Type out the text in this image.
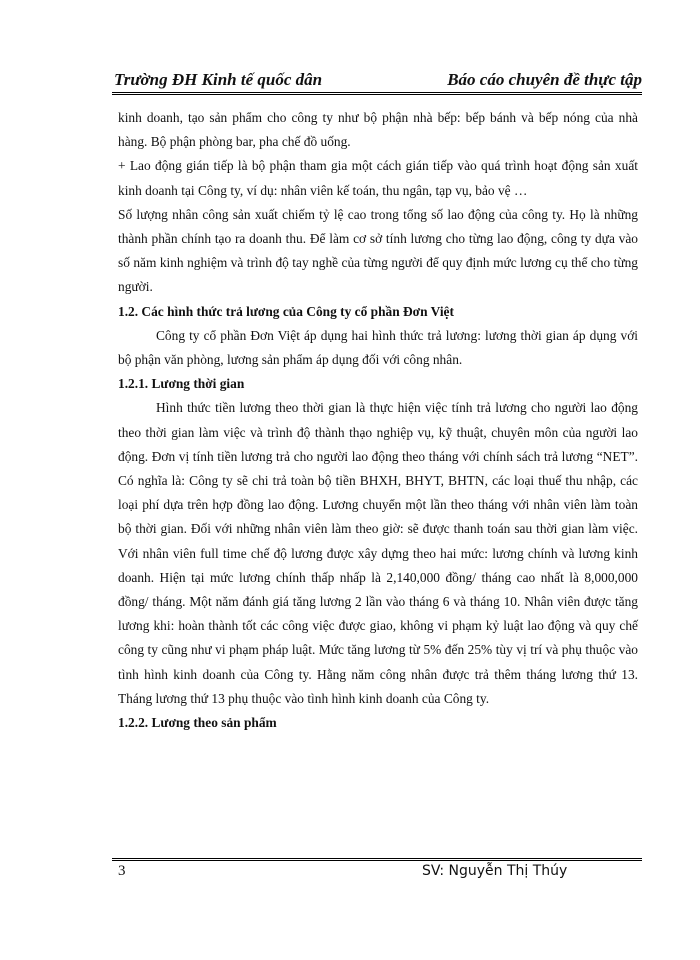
Trường ĐH Kinh tế quốc dân	Báo cáo chuyên đề thực tập

kinh doanh, tạo sản phẩm cho công ty như bộ phận nhà bếp: bếp bánh và bếp nóng của nhà hàng. Bộ phận phòng bar, pha chế đồ uống.

+ Lao động gián tiếp là bộ phận tham gia một cách gián tiếp vào quá trình hoạt động sản xuất kinh doanh tại Công ty, ví dụ: nhân viên kế toán, thu ngân, tạp vụ, bảo vệ …

Số lượng nhân công sản xuất chiếm tỷ lệ cao trong tổng số lao động của công ty. Họ là những thành phần chính tạo ra doanh thu. Để làm cơ sở tính lương cho từng lao động, công ty dựa vào số năm kinh nghiệm và trình độ tay nghề của từng người để quy định mức lương cụ thể cho từng người.

1.2. Các hình thức trả lương của Công ty cổ phần Đơn Việt

Công ty cổ phần Đơn Việt áp dụng hai hình thức trả lương: lương thời gian áp dụng với bộ phận văn phòng, lương sản phẩm áp dụng đối với công nhân.

1.2.1. Lương thời gian

Hình thức tiền lương theo thời gian là thực hiện việc tính trả lương cho người lao động theo thời gian làm việc và trình độ thành thạo nghiệp vụ, kỹ thuật, chuyên môn của người lao động. Đơn vị tính tiền lương trả cho người lao động theo tháng với chính sách trả lương “NET”. Có nghĩa là: Công ty sẽ chi trả toàn bộ tiền BHXH, BHYT, BHTN, các loại thuế thu nhập, các loại phí dựa trên hợp đồng lao động. Lương chuyển một lần theo tháng với nhân viên làm toàn bộ thời gian. Đối với những nhân viên làm theo giờ: sẽ được thanh toán sau thời gian làm việc. Với nhân viên full time chế độ lương được xây dựng theo hai mức: lương chính và lương kinh doanh. Hiện tại mức lương chính thấp nhấp là 2,140,000 đồng/ tháng cao nhất là 8,000,000 đồng/ tháng. Một năm đánh giá tăng lương 2 lần vào tháng 6 và tháng 10. Nhân viên được tăng lương khi: hoàn thành tốt các công việc được giao, không vi phạm kỷ luật lao động và quy chế công ty cũng như vi phạm pháp luật. Mức tăng lương từ 5% đến 25% tùy vị trí và phụ thuộc vào tình hình kinh doanh của Công ty. Hằng năm công nhân được trả thêm tháng lương thứ 13. Tháng lương thứ 13 phụ thuộc vào tình hình kinh doanh của Công ty.

1.2.2. Lương theo sản phẩm

3	SV: Nguyễn Thị Thúy
